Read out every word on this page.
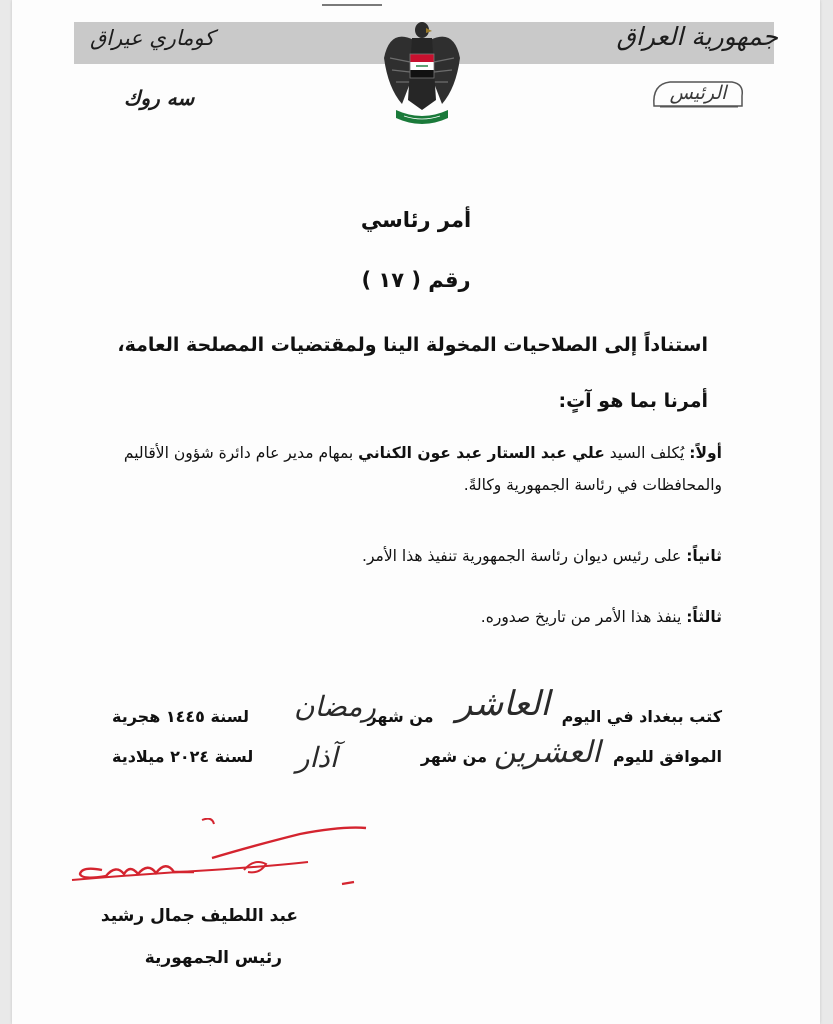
جمهورية العراق
كوماري عيراق
سه روك	الرئيس
أمر رئاسي
رقم ( ١٧ )
استناداً إلى الصلاحيات المخولة الينا ولمقتضيات المصلحة العامة،
أمرنا بما هو آتٍ:
أولاً: يُكلف السيد علي عبد الستار عبد عون الكناني بمهام مدير عام دائرة شؤون الأقاليم
والمحافظات في رئاسة الجمهورية وكالةً.
ثانياً: على رئيس ديوان رئاسة الجمهورية تنفيذ هذا الأمر.
ثالثاً: ينفذ هذا الأمر من تاريخ صدوره.
كتب ببغداد في اليوممن شهر العاشر
رمضان
لسنة ١٤٤٥ هجرية
الموافق لليوممن شهر العشرين
آذار
لسنة ٢٠٢٤ ميلادية
عبد اللطيف جمال رشيد
رئيس الجمهورية
